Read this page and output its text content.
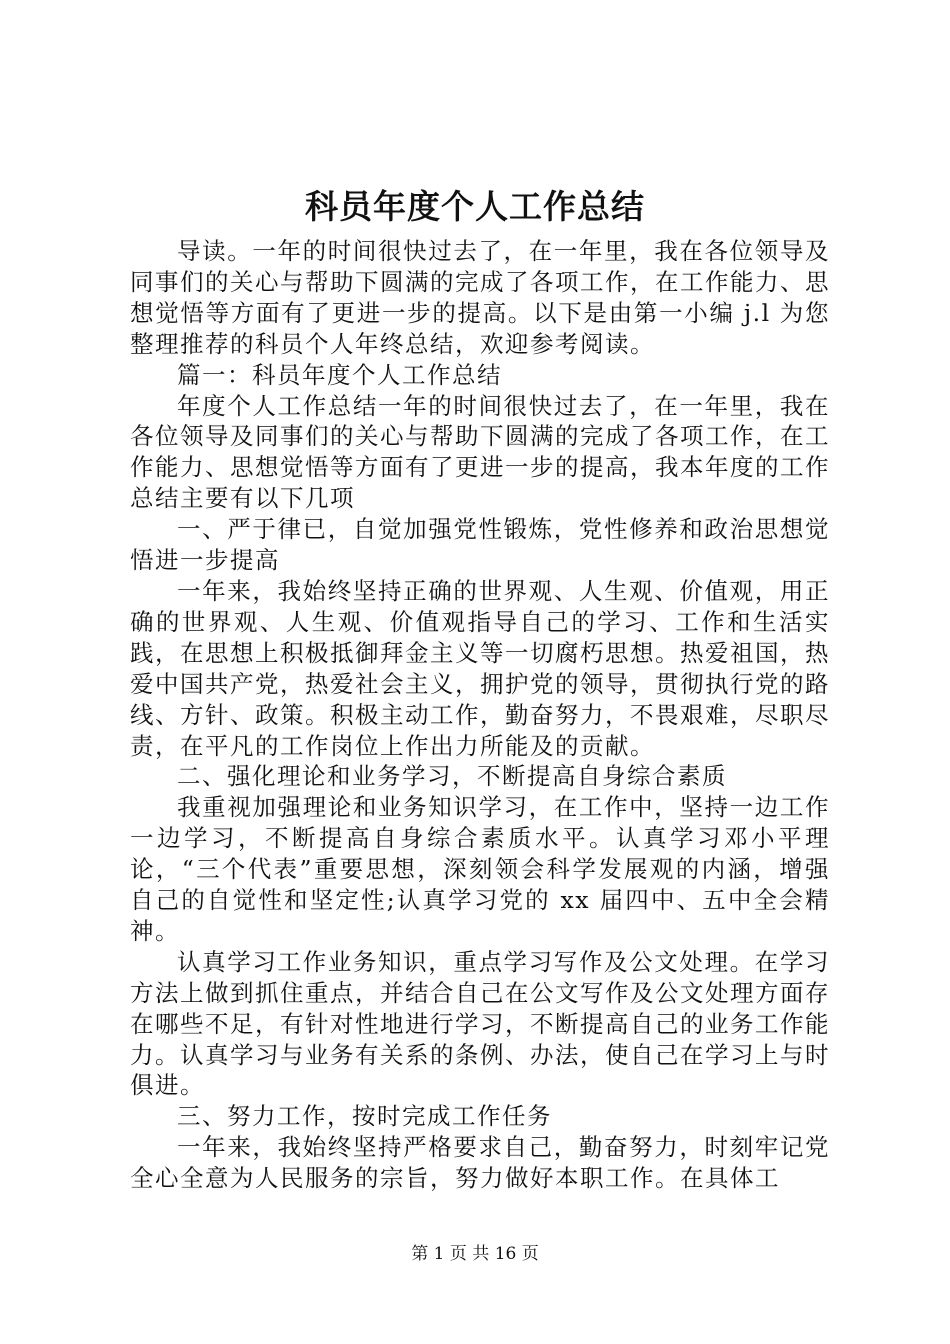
科员年度个人工作总结

导读。一年的时间很快过去了，在一年里，我在各位领导及同事们的关心与帮助下圆满的完成了各项工作，在工作能力、思想觉悟等方面有了更进一步的提高。以下是由第一小编 j.l 为您整理推荐的科员个人年终总结，欢迎参考阅读。

篇一：科员年度个人工作总结

年度个人工作总结一年的时间很快过去了，在一年里，我在各位领导及同事们的关心与帮助下圆满的完成了各项工作，在工作能力、思想觉悟等方面有了更进一步的提高，我本年度的工作总结主要有以下几项

一、严于律已，自觉加强党性锻炼，党性修养和政治思想觉悟进一步提高

一年来，我始终坚持正确的世界观、人生观、价值观，用正确的世界观、人生观、价值观指导自己的学习、工作和生活实践，在思想上积极抵御拜金主义等一切腐朽思想。热爱祖国，热爱中国共产党，热爱社会主义，拥护党的领导，贯彻执行党的路线、方针、政策。积极主动工作，勤奋努力，不畏艰难，尽职尽责，在平凡的工作岗位上作出力所能及的贡献。

二、强化理论和业务学习，不断提高自身综合素质

我重视加强理论和业务知识学习，在工作中，坚持一边工作一边学习，不断提高自身综合素质水平。认真学习邓小平理论，“三个代表”重要思想，深刻领会科学发展观的内涵，增强自己的自觉性和坚定性;认真学习党的 xx 届四中、五中全会精神。

认真学习工作业务知识，重点学习写作及公文处理。在学习方法上做到抓住重点，并结合自己在公文写作及公文处理方面存在哪些不足，有针对性地进行学习，不断提高自己的业务工作能力。认真学习与业务有关系的条例、办法，使自己在学习上与时俱进。

三、努力工作，按时完成工作任务

一年来，我始终坚持严格要求自己，勤奋努力，时刻牢记党全心全意为人民服务的宗旨，努力做好本职工作。在具体工

第 1 页 共 16 页
